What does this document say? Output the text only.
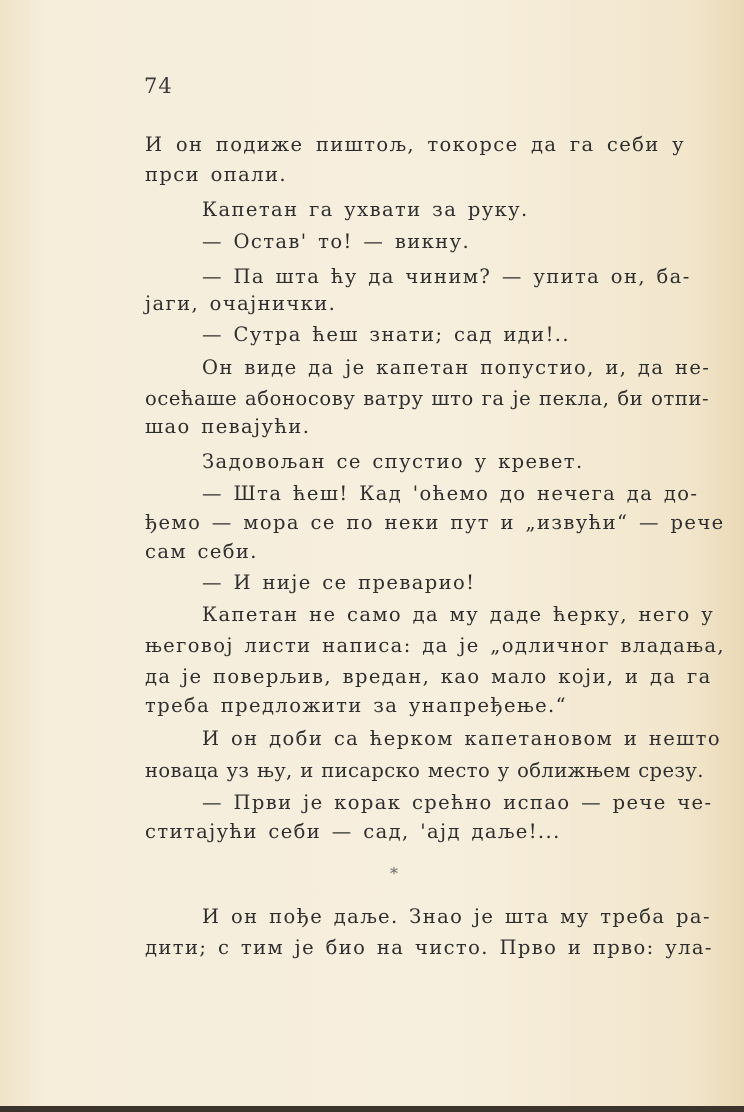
74
И он подиже пиштољ, токорсе да га себи у
прси опали.
Капетан га ухвати за руку.
— Остав' то! — викну.
— Па шта ћу да чиним? — упита он, ба-
јаги, очајнички.
— Сутра ћеш знати; сад иди!..
Он виде да је капетан попустио, и, да не-
осећаше абоносову ватру што га је пекла, би отпи-
шао певајући.
Задовољан се спустио у кревет.
— Шта ћеш! Кад 'оћемо до нечега да до-
ђемо — мора се по неки пут и „извући“ — рече
сам себи.
— И није се преварио!
Капетан не само да му даде ћерку, него у
његовој листи написа: да је „одличног владања,
да је поверљив, вредан, као мало који, и да га
треба предложити за унапређење.“
И он доби са ћерком капетановом и нешто
новаца уз њу, и писарско место у оближњем срезу.
— Први је корак срећно испао — рече че-
ститајући себи — сад, 'ајд даље!...
*
И он пође даље. Знао је шта му треба ра-
дити; с тим је био на чисто. Прво и прво: ула-
